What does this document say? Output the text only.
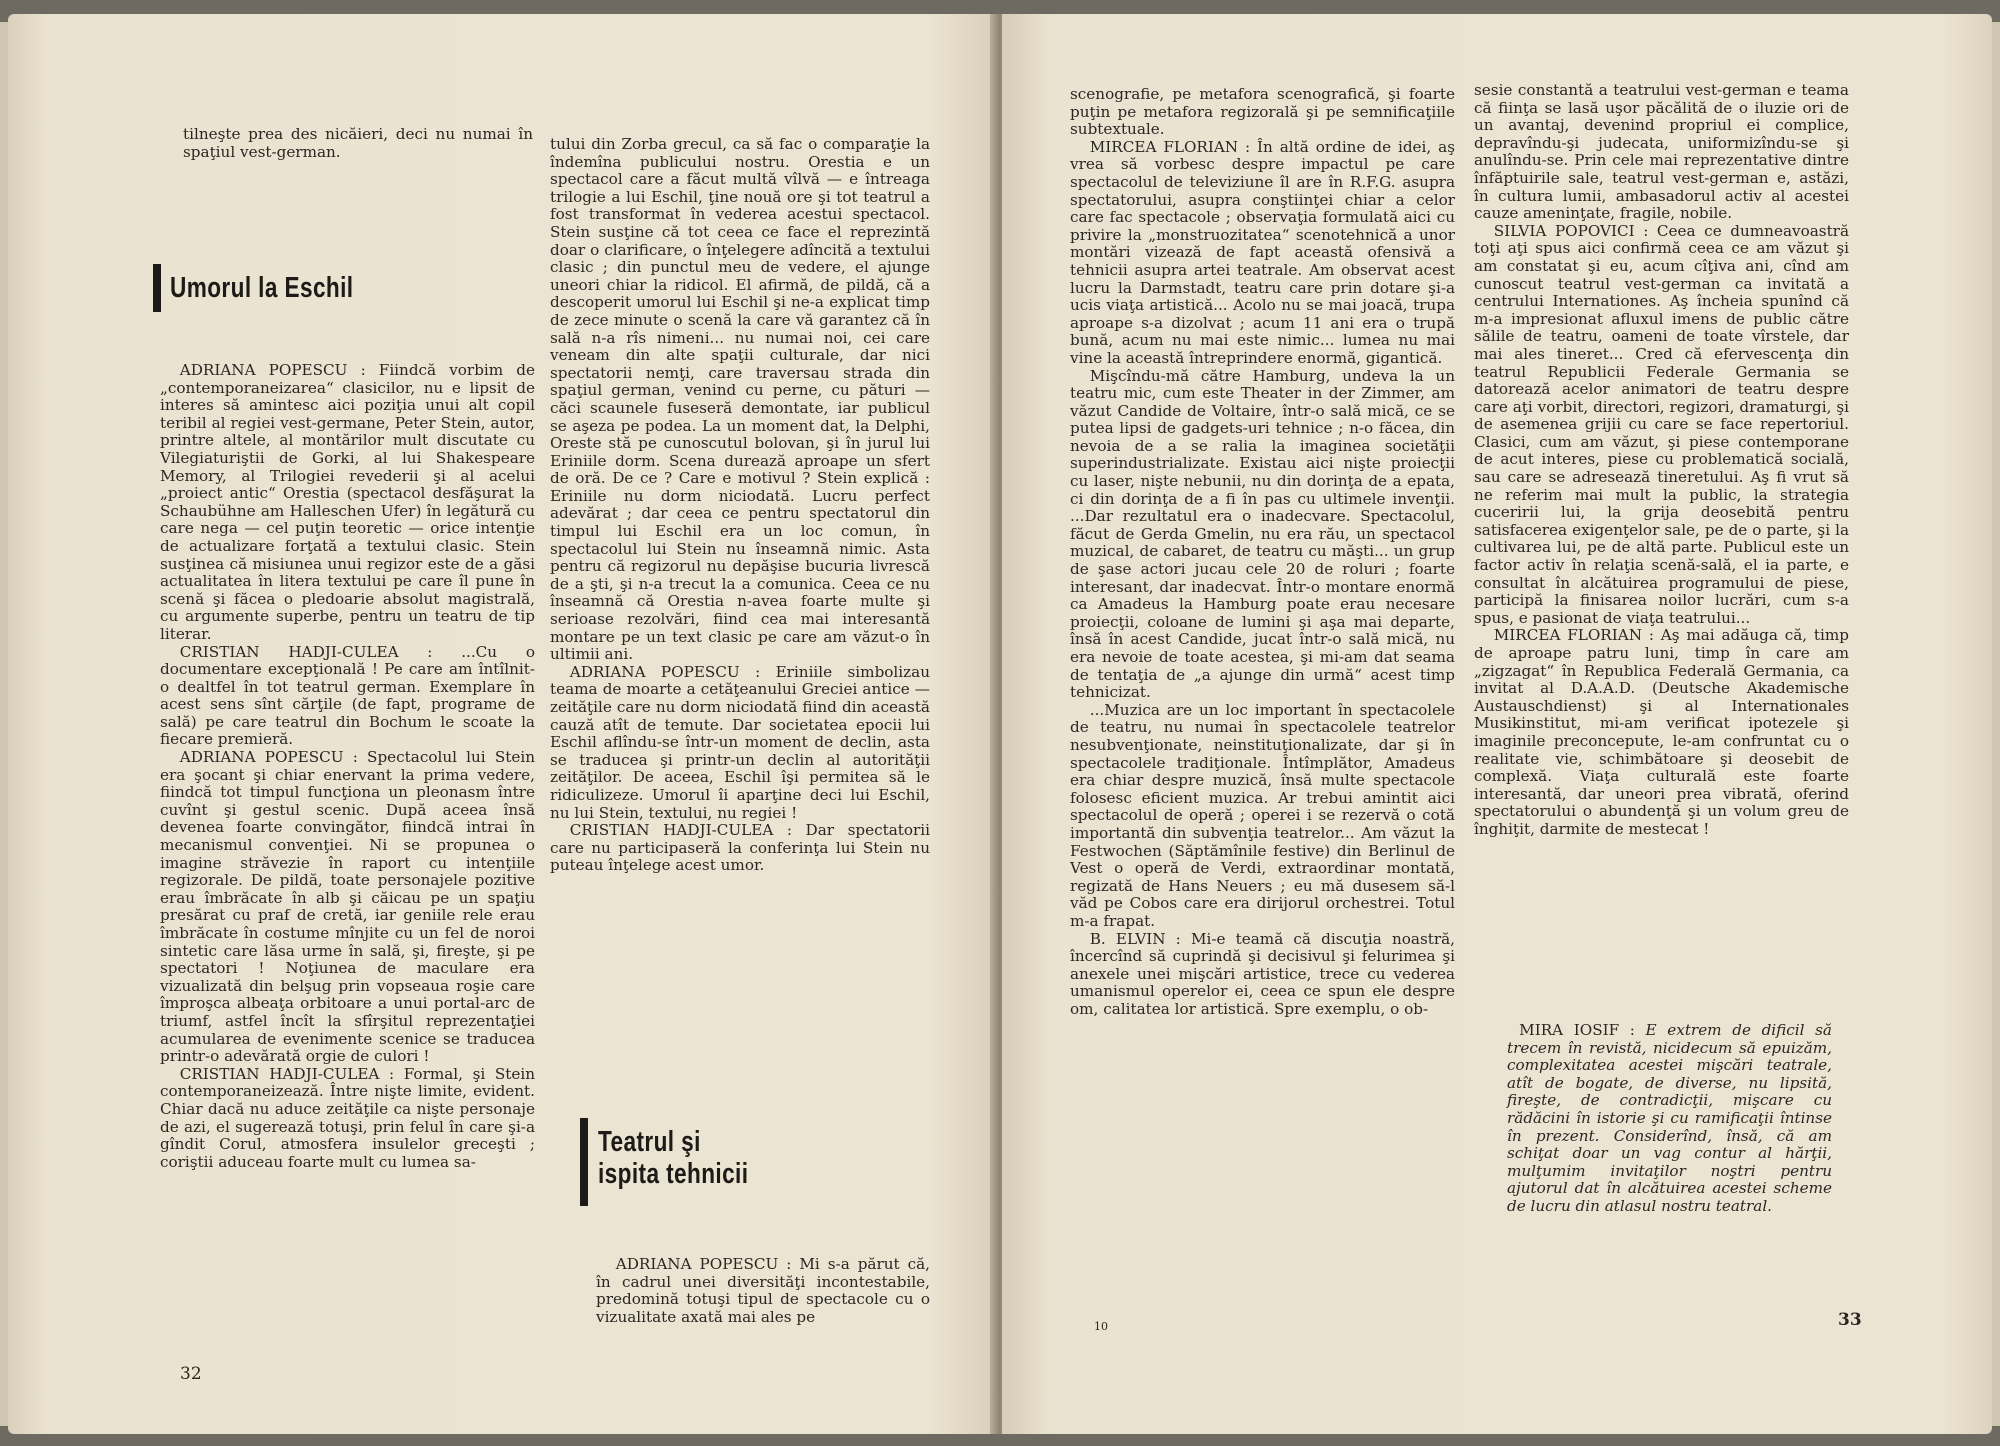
tilneşte prea des nicăieri, deci nu numai în spaţiul vest-german.

Umorul la Eschil

ADRIANA POPESCU : Fiindcă vorbim de „contemporaneizarea“ clasicilor, nu e lipsit de interes să amintesc aici poziţia unui alt copil teribil al regiei vest-germane, Peter Stein, autor, printre altele, al montărilor mult discutate cu Vilegiaturiştii de Gorki, al lui Shakespeare Memory, al Trilogiei revederii şi al acelui „proiect antic“ Orestia (spectacol desfăşurat la Schaubühne am Halleschen Ufer) în legătură cu care nega — cel puţin teoretic — orice intenţie de actualizare forţată a textului clasic. Stein susţinea că misiunea unui regizor este de a găsi actualitatea în litera textului pe care îl pune în scenă şi făcea o pledoarie absolut magistrală, cu argumente superbe, pentru un teatru de tip literar.

CRISTIAN HADJI-CULEA : ...Cu o documentare excepţională ! Pe care am întîlnit-o dealtfel în tot teatrul german. Exemplare în acest sens sînt cărţile (de fapt, programe de sală) pe care teatrul din Bochum le scoate la fiecare premieră.

ADRIANA POPESCU : Spectacolul lui Stein era şocant şi chiar enervant la prima vedere, fiindcă tot timpul funcţiona un pleonasm între cuvînt şi gestul scenic. După aceea însă devenea foarte convingător, fiindcă intrai în mecanismul convenţiei. Ni se propunea o imagine străvezie în raport cu intenţiile regizorale. De pildă, toate personajele pozitive erau îmbrăcate în alb şi căicau pe un spaţiu presărat cu praf de cretă, iar geniile rele erau îmbrăcate în costume mînjite cu un fel de noroi sintetic care lăsa urme în sală, şi, fireşte, şi pe spectatori ! Noţiunea de maculare era vizualizată din belşug prin vopseaua roşie care împroşca albeaţa orbitoare a unui portal-arc de triumf, astfel încît la sfîrşitul reprezentaţiei acumularea de evenimente scenice se traducea printr-o adevărată orgie de culori !

CRISTIAN HADJI-CULEA : Formal, şi Stein contemporaneizează. Între nişte limite, evident. Chiar dacă nu aduce zeităţile ca nişte personaje de azi, el sugerează totuşi, prin felul în care şi-a gîndit Corul, atmosfera insulelor greceşti ; coriştii aduceau foarte mult cu lumea sa-

tului din Zorba grecul, ca să fac o comparaţie la îndemîna publicului nostru. Orestia e un spectacol care a făcut multă vîlvă — e întreaga trilogie a lui Eschil, ţine nouă ore şi tot teatrul a fost transformat în vederea acestui spectacol. Stein susţine că tot ceea ce face el reprezintă doar o clarificare, o înţelegere adîncită a textului clasic ; din punctul meu de vedere, el ajunge uneori chiar la ridicol. El afirmă, de pildă, că a descoperit umorul lui Eschil şi ne-a explicat timp de zece minute o scenă la care vă garantez că în sală n-a rîs nimeni... nu numai noi, cei care veneam din alte spaţii culturale, dar nici spectatorii nemţi, care traversau strada din spaţiul german, venind cu perne, cu pături — căci scaunele fuseseră demontate, iar publicul se aşeza pe podea. La un moment dat, la Delphi, Oreste stă pe cunoscutul bolovan, şi în jurul lui Eriniile dorm. Scena durează aproape un sfert de oră. De ce ? Care e motivul ? Stein explică : Eriniile nu dorm niciodată. Lucru perfect adevărat ; dar ceea ce pentru spectatorul din timpul lui Eschil era un loc comun, în spectacolul lui Stein nu înseamnă nimic. Asta pentru că regizorul nu depăşise bucuria livrescă de a şti, şi n-a trecut la a comunica. Ceea ce nu înseamnă că Orestia n-avea foarte multe şi serioase rezolvări, fiind cea mai interesantă montare pe un text clasic pe care am văzut-o în ultimii ani.

ADRIANA POPESCU : Eriniile simbolizau teama de moarte a cetăţeanului Greciei antice — zeităţile care nu dorm niciodată fiind din această cauză atît de temute. Dar societatea epocii lui Eschil aflîndu-se într-un moment de declin, asta se traducea şi printr-un declin al autorităţii zeităţilor. De aceea, Eschil îşi permitea să le ridiculizeze. Umorul îi aparţine deci lui Eschil, nu lui Stein, textului, nu regiei !

CRISTIAN HADJI-CULEA : Dar spectatorii care nu participaseră la conferinţa lui Stein nu puteau înţelege acest umor.

Teatrul şi
ispita tehnicii

ADRIANA POPESCU : Mi s-a părut că, în cadrul unei diversităţi incontestabile, predomină totuşi tipul de spectacole cu o vizualitate axată mai ales pe

32

scenografie, pe metafora scenografică, şi foarte puţin pe metafora regizorală şi pe semnificaţiile subtextuale.

MIRCEA FLORIAN : În altă ordine de idei, aş vrea să vorbesc despre impactul pe care spectacolul de televiziune îl are în R.F.G. asupra spectatorului, asupra conştiinţei chiar a celor care fac spectacole ; observaţia formulată aici cu privire la „monstruozitatea“ scenotehnică a unor montări vizează de fapt această ofensivă a tehnicii asupra artei teatrale. Am observat acest lucru la Darmstadt, teatru care prin dotare şi-a ucis viaţa artistică... Acolo nu se mai joacă, trupa aproape s-a dizolvat ; acum 11 ani era o trupă bună, acum nu mai este nimic... lumea nu mai vine la această întreprindere enormă, gigantică.

Mişcîndu-mă către Hamburg, undeva la un teatru mic, cum este Theater in der Zimmer, am văzut Candide de Voltaire, într-o sală mică, ce se putea lipsi de gadgets-uri tehnice ; n-o făcea, din nevoia de a se ralia la imaginea societăţii superindustrializate. Existau aici nişte proiecţii cu laser, nişte nebunii, nu din dorinţa de a epata, ci din dorinţa de a fi în pas cu ultimele invenţii. ...Dar rezultatul era o inadecvare. Spectacolul, făcut de Gerda Gmelin, nu era rău, un spectacol muzical, de cabaret, de teatru cu măşti... un grup de şase actori jucau cele 20 de roluri ; foarte interesant, dar inadecvat. Într-o montare enormă ca Amadeus la Hamburg poate erau necesare proiecţii, coloane de lumini şi aşa mai departe, însă în acest Candide, jucat într-o sală mică, nu era nevoie de toate acestea, şi mi-am dat seama de tentaţia de „a ajunge din urmă“ acest timp tehnicizat.

...Muzica are un loc important în spectacolele de teatru, nu numai în spectacolele teatrelor nesubvenţionate, neinstituţionalizate, dar şi în spectacolele tradiţionale. Întîmplător, Amadeus era chiar despre muzică, însă multe spectacole folosesc eficient muzica. Ar trebui amintit aici spectacolul de operă ; operei i se rezervă o cotă importantă din subvenţia teatrelor... Am văzut la Festwochen (Săptămînile festive) din Berlinul de Vest o operă de Verdi, extraordinar montată, regizată de Hans Neuers ; eu mă dusesem să-l văd pe Cobos care era dirijorul orchestrei. Totul m-a frapat.

B. ELVIN : Mi-e teamă că discuţia noastră, încercînd să cuprindă şi decisivul şi felurimea şi anexele unei mişcări artistice, trece cu vederea umanismul operelor ei, ceea ce spun ele despre om, calitatea lor artistică. Spre exemplu, o ob-

sesie constantă a teatrului vest-german e teama că fiinţa se lasă uşor păcălită de o iluzie ori de un avantaj, devenind propriul ei complice, depravîndu-şi judecata, uniformizîndu-se şi anulîndu-se. Prin cele mai reprezentative dintre înfăptuirile sale, teatrul vest-german e, astăzi, în cultura lumii, ambasadorul activ al acestei cauze ameninţate, fragile, nobile.

SILVIA POPOVICI : Ceea ce dumneavoastră toţi aţi spus aici confirmă ceea ce am văzut şi am constatat şi eu, acum cîţiva ani, cînd am cunoscut teatrul vest-german ca invitată a centrului Internationes. Aş încheia spunînd că m-a impresionat afluxul imens de public către sălile de teatru, oameni de toate vîrstele, dar mai ales tineret... Cred că efervescenţa din teatrul Republicii Federale Germania se datorează acelor animatori de teatru despre care aţi vorbit, directori, regizori, dramaturgi, şi de asemenea grijii cu care se face repertoriul. Clasici, cum am văzut, şi piese contemporane de acut interes, piese cu problematică socială, sau care se adresează tineretului. Aş fi vrut să ne referim mai mult la public, la strategia cuceririi lui, la grija deosebită pentru satisfacerea exigenţelor sale, pe de o parte, şi la cultivarea lui, pe de altă parte. Publicul este un factor activ în relaţia scenă-sală, el ia parte, e consultat în alcătuirea programului de piese, participă la finisarea noilor lucrări, cum s-a spus, e pasionat de viaţa teatrului...

MIRCEA FLORIAN : Aş mai adăuga că, timp de aproape patru luni, timp în care am „zigzagat“ în Republica Federală Germania, ca invitat al D.A.A.D. (Deutsche Akademische Austauschdienst) şi al Internationales Musikinstitut, mi-am verificat ipotezele şi imaginile preconcepute, le-am confruntat cu o realitate vie, schimbătoare şi deosebit de complexă. Viaţa culturală este foarte interesantă, dar uneori prea vibrată, oferind spectatorului o abundenţă şi un volum greu de înghiţit, darmite de mestecat !

MIRA IOSIF : E extrem de dificil să trecem în revistă, nicidecum să epuizăm, complexitatea acestei mişcări teatrale, atît de bogate, de diverse, nu lipsită, fireşte, de contradicţii, mişcare cu rădăcini în istorie şi cu ramificaţii întinse în prezent. Considerînd, însă, că am schiţat doar un vag contur al hărţii, mulţumim invitaţilor noştri pentru ajutorul dat în alcătuirea acestei scheme de lucru din atlasul nostru teatral.

10	33
